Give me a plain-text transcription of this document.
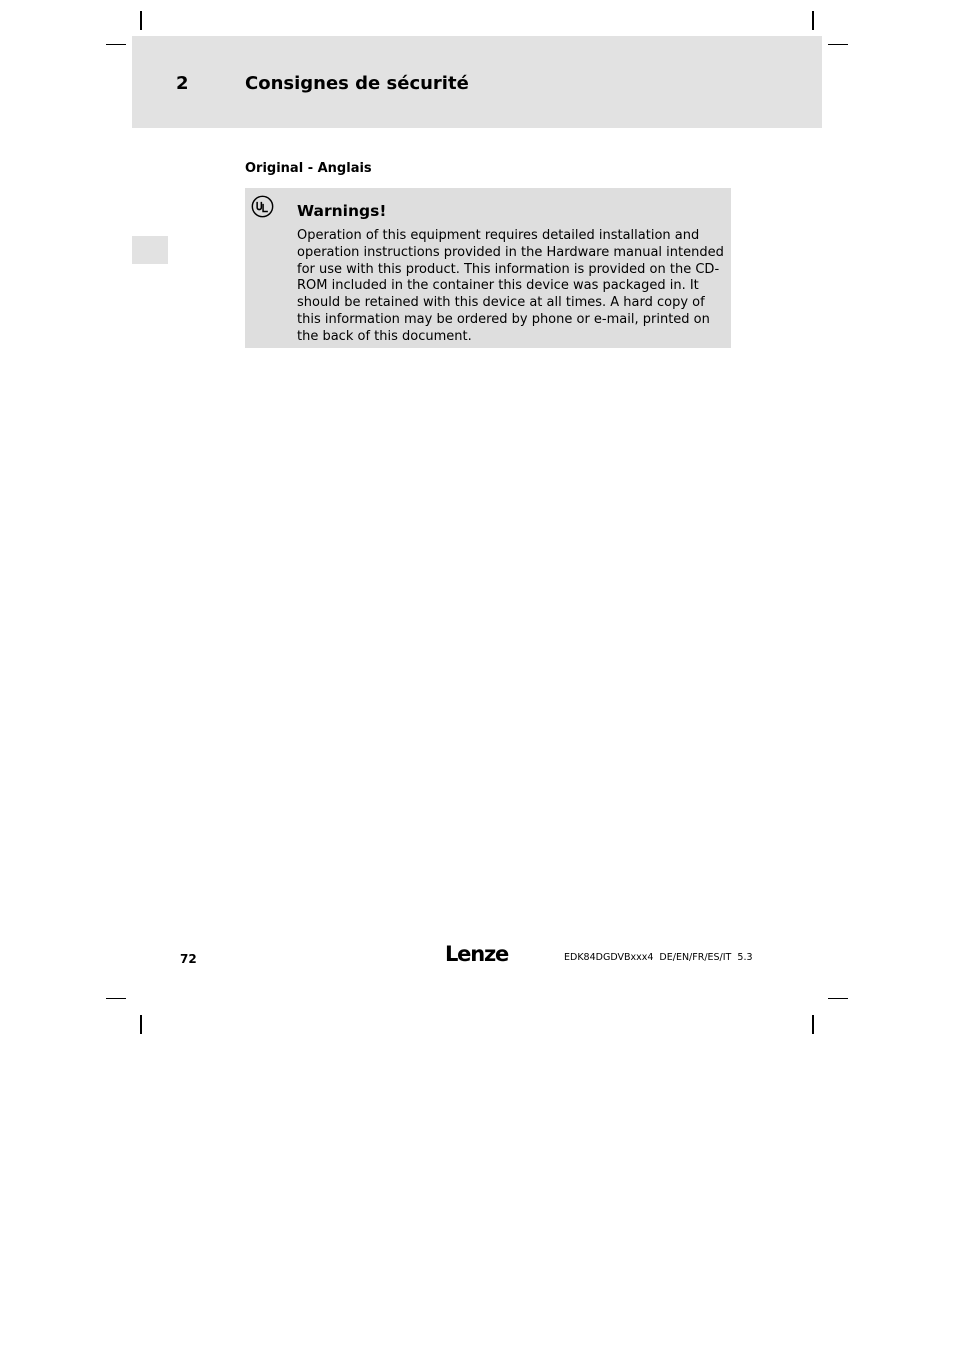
2	Consignes de sécurité
Original - Anglais
Warnings!

Operation of this equipment requires detailed installation and operation instructions provided in the Hardware manual intended for use with this product. This information is provided on the CD-ROM included in the container this device was packaged in. It should be retained with this device at all times. A hard copy of this information may be ordered by phone or e-mail, printed on the back of this document.

72	Lenze	EDK84DGDVBxxx4  DE/EN/FR/ES/IT  5.3
